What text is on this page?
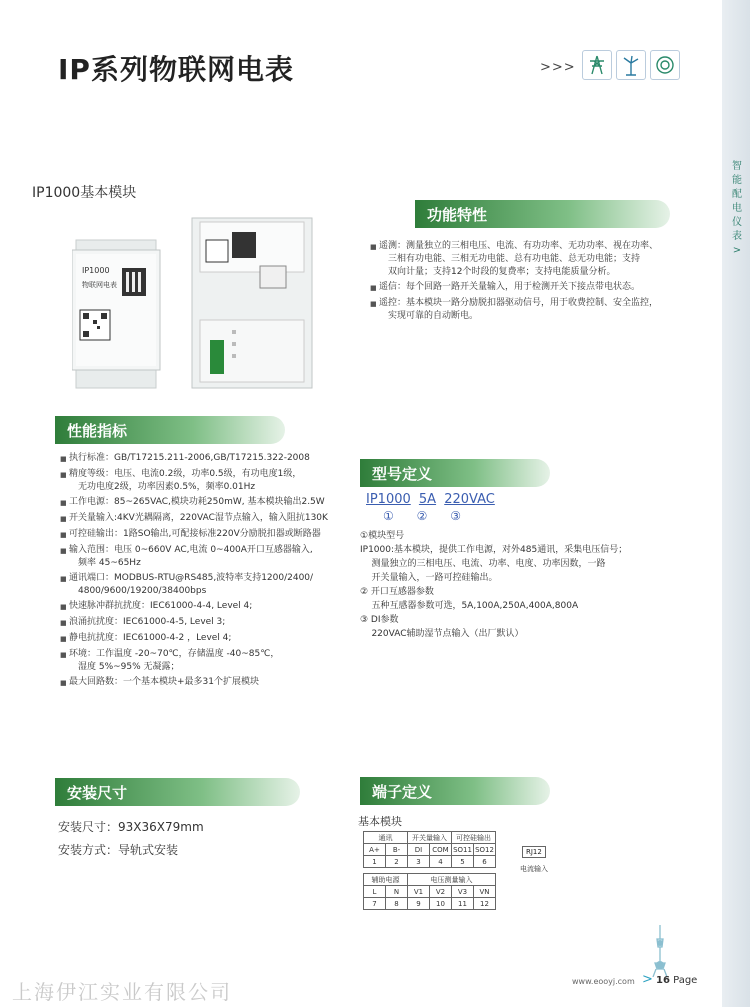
智能配电仪表>
IP系列物联网电表	>>>
IP1000基本模块
IP1000
物联网电表
功能特性
■ 遥测：测量独立的三相电压、电流、有功功率、无功功率、视在功率、
三相有功电能、三相无功电能、总有功电能、总无功电能；支持
双向计量；支持12个时段的复费率；支持电能质量分析。
■ 遥信：每个回路一路开关量输入，用于检测开关下接点带电状态。
■ 遥控：基本模块一路分励脱扣器驱动信号，用于收费控制、安全监控，
实现可靠的自动断电。
性能指标
■ 执行标准：GB/T17215.211-2006,GB/T17215.322-2008
■ 精度等级：电压、电流0.2级，功率0.5级，有功电度1级，
无功电度2级，功率因素0.5%，频率0.01Hz
■ 工作电源：85~265VAC,模块功耗250mW, 基本模块输出2.5W
■ 开关量输入:4KV光耦隔离，220VAC湿节点输入，输入阻抗130K
■ 可控硅输出：1路SO输出,可配接标准220V分励脱扣器或断路器
■ 输入范围：电压 0~660V AC,电流 0~400A开口互感器输入,
频率 45~65Hz
■ 通讯端口：MODBUS-RTU@RS485,波特率支持1200/2400/
4800/9600/19200/38400bps
■ 快速脉冲群抗扰度：IEC61000-4-4, Level 4;
■ 浪涌抗扰度：IEC61000-4-5, Level 3;
■ 静电抗扰度：IEC61000-4-2 ，Level 4;
■ 环境：工作温度 -20~70℃，存储温度 -40~85℃，
湿度 5%~95% 无凝露；
■ 最大回路数：一个基本模块+最多31个扩展模块
型号定义
IP1000 5A 220VAC
① ② ③

①模块型号

IP1000:基本模块，提供工作电源，对外485通讯，采集电压信号；

测量独立的三相电压、电流、功率、电度、功率因数，一路

开关量输入，一路可控硅输出。

② 开口互感器参数

五种互感器参数可选，5A,100A,250A,400A,800A

③ DI参数

220VAC辅助湿节点输入（出厂默认）

安装尺寸
安装尺寸：93X36X79mm
安装方式：导轨式安装
端子定义
基本模块
通讯		开关量输入		可控硅输出	
A+	B-	DI	COM	SO11	SO12
1	2	3	4	5	6
辅助电源		电压测量输入			
L	N	V1	V2	V3	VN
7	8	9	10	11	12
RJ12
电流输入
上海伊江实业有限公司	www.eooyj.com > 16 Page
